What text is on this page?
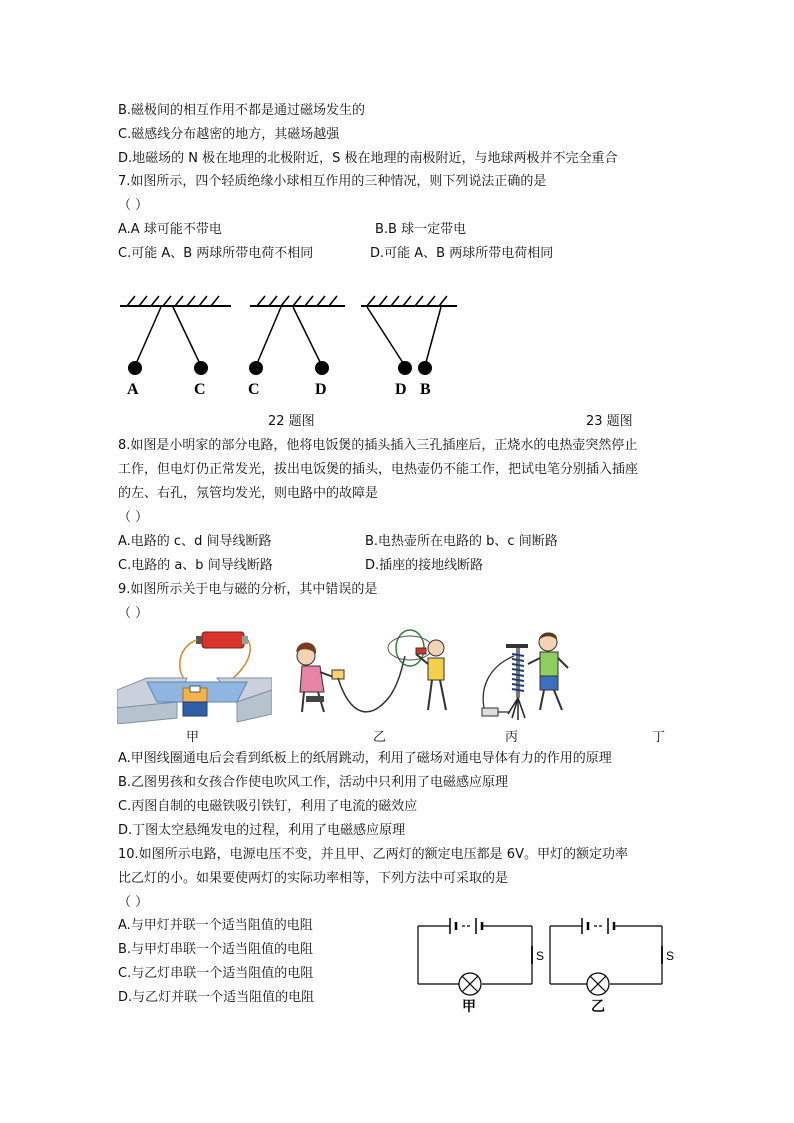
B.磁极间的相互作用不都是通过磁场发生的
C.磁感线分布越密的地方，其磁场越强
D.地磁场的 N 极在地理的北极附近，S 极在地理的南极附近，与地球两极并不完全重合
7.如图所示，四个轻质绝缘小球相互作用的三种情况，则下列说法正确的是
（ ）
A.A 球可能不带电	B.B 球一定带电
C.可能 A、B 两球所带电荷不相同	D.可能 A、B 两球所带电荷相同
A	C	C	D	D B
22 题图	23 题图
8.如图是小明家的部分电路，他将电饭煲的插头插入三孔插座后，正烧水的电热壶突然停止
工作，但电灯仍正常发光，拔出电饭煲的插头，电热壶仍不能工作，把试电笔分别插入插座
的左、右孔，氖管均发光，则电路中的故障是
（ ）
A.电路的 c、d 间导线断路	B.电热壶所在电路的 b、c 间断路
C.电路的 a、b 间导线断路	D.插座的接地线断路
9.如图所示关于电与磁的分析，其中错误的是
（ ）
甲	乙	丙	丁
A.甲图线圈通电后会看到纸板上的纸屑跳动，利用了磁场对通电导体有力的作用的原理
B.乙图男孩和女孩合作使电吹风工作，活动中只利用了电磁感应原理
C.丙图自制的电磁铁吸引铁钉，利用了电流的磁效应
D.丁图太空悬绳发电的过程，利用了电磁感应原理
10.如图所示电路，电源电压不变，并且甲、乙两灯的额定电压都是 6V。甲灯的额定功率
比乙灯的小。如果要使两灯的实际功率相等，下列方法中可采取的是
（ ）
A.与甲灯并联一个适当阻值的电阻
B.与甲灯串联一个适当阻值的电阻
C.与乙灯串联一个适当阻值的电阻
D.与乙灯并联一个适当阻值的电阻
S	S
甲	乙
